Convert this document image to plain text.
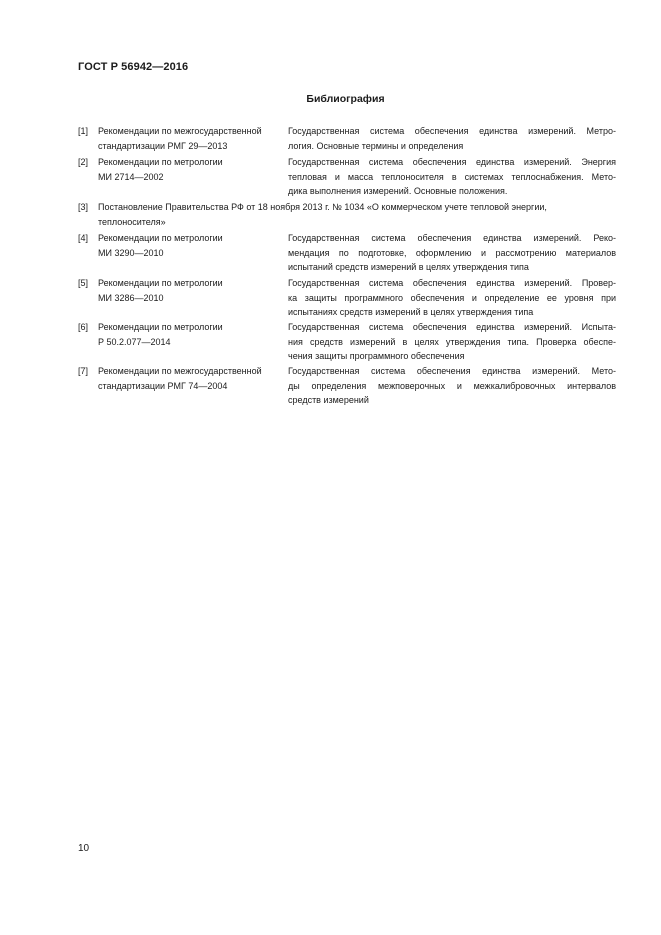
ГОСТ Р 56942—2016
Библиография
[1] Рекомендации по межгосударственной
стандартизации РМГ 29—2013
Государственная система обеспечения единства измерений. Метро-
логия. Основные термины и определения
[2] Рекомендации по метрологии
МИ 2714—2002
Государственная система обеспечения единства измерений. Энергия
тепловая и масса теплоносителя в системах теплоснабжения. Мето-
дика выполнения измерений. Основные положения.
[3] Постановление Правительства РФ от 18 ноября 2013 г. № 1034 «О коммерческом учете тепловой энергии,
теплоносителя»
[4] Рекомендации по метрологии
МИ 3290—2010
Государственная система обеспечения единства измерений. Реко-
мендация по подготовке, оформлению и рассмотрению материалов
испытаний средств измерений в целях утверждения типа
[5] Рекомендации по метрологии
МИ 3286—2010
Государственная система обеспечения единства измерений. Провер-
ка защиты программного обеспечения и определение ее уровня при
испытаниях средств измерений в целях утверждения типа
[6] Рекомендации по метрологии
Р 50.2.077—2014
Государственная система обеспечения единства измерений. Испыта-
ния средств измерений в целях утверждения типа. Проверка обеспе-
чения защиты программного обеспечения
[7] Рекомендации по межгосударственной
стандартизации РМГ 74—2004
Государственная система обеспечения единства измерений. Мето-
ды определения межповерочных и межкалибровочных интервалов
средств измерений
10
